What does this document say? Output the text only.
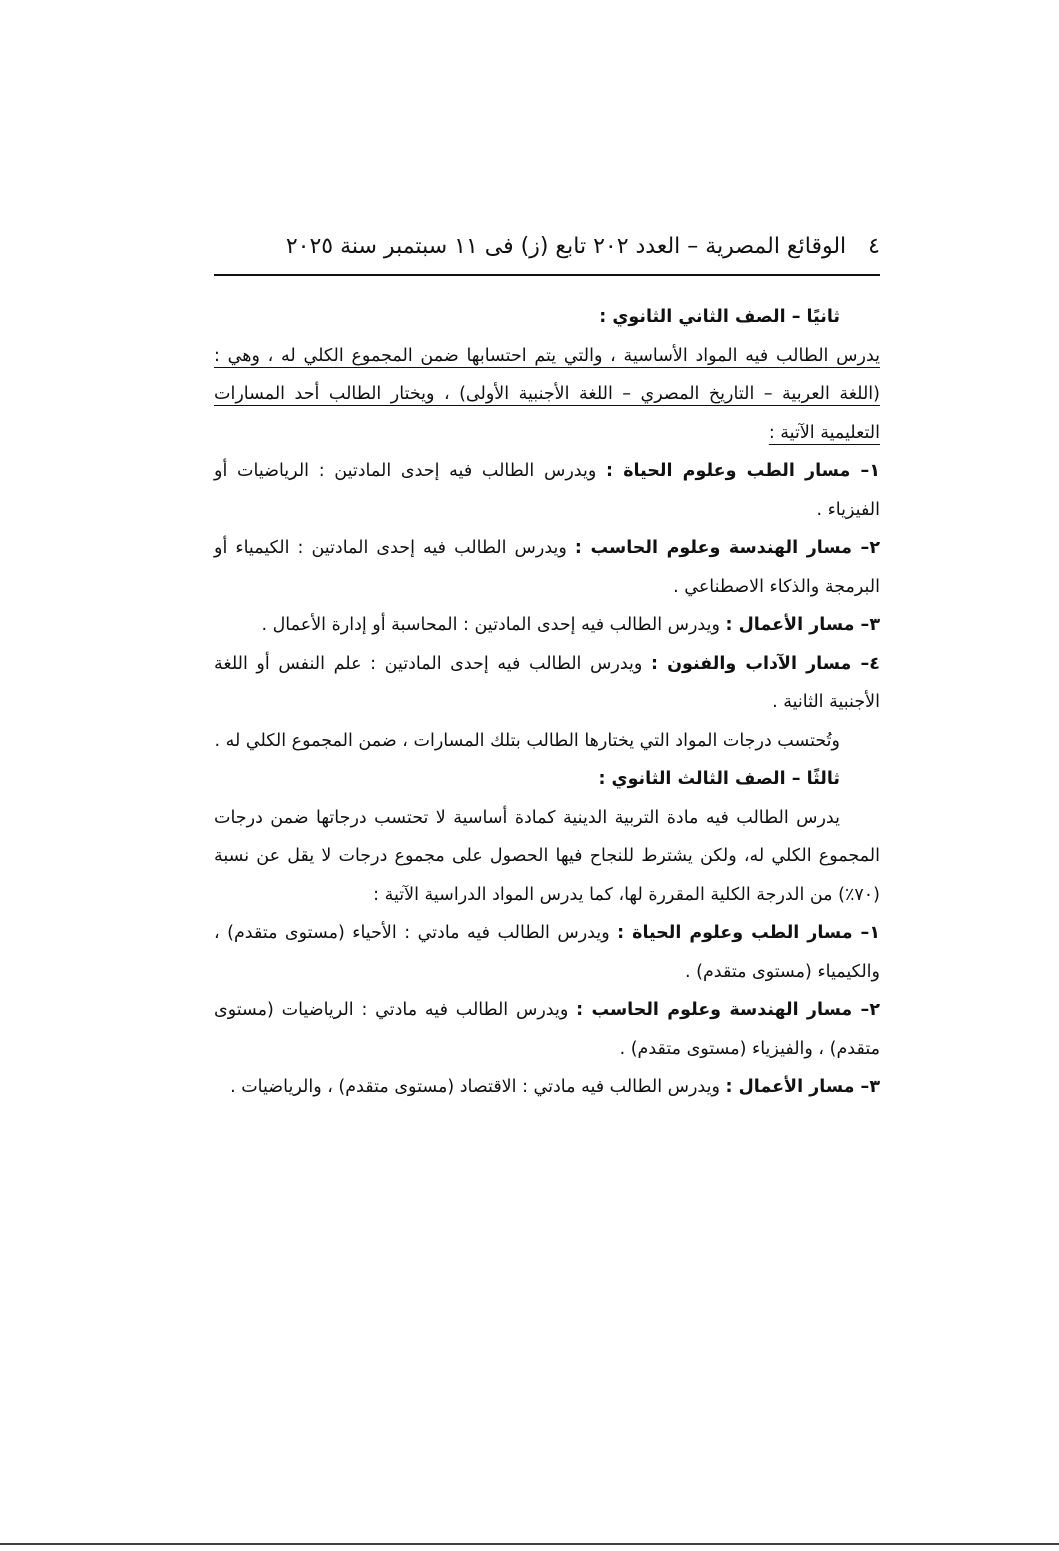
٤
الوقائع المصرية – العدد ٢٠٢ تابع (ز) فى ١١ سبتمبر سنة ٢٠٢٥
ثانيًا – الصف الثاني الثانوي :
يدرس الطالب فيه المواد الأساسية ، والتي يتم احتسابها ضمن المجموع الكلي له ، وهي : (اللغة العربية – التاريخ المصري – اللغة الأجنبية الأولى) ، ويختار الطالب أحد المسارات التعليمية الآتية :
١– مسار الطب وعلوم الحياة : ويدرس الطالب فيه إحدى المادتين : الرياضيات أو الفيزياء .
٢– مسار الهندسة وعلوم الحاسب : ويدرس الطالب فيه إحدى المادتين : الكيمياء أو البرمجة والذكاء الاصطناعي .
٣– مسار الأعمال : ويدرس الطالب فيه إحدى المادتين : المحاسبة أو إدارة الأعمال .
٤– مسار الآداب والفنون : ويدرس الطالب فيه إحدى المادتين : علم النفس أو اللغة الأجنبية الثانية .
وتُحتسب درجات المواد التي يختارها الطالب بتلك المسارات ، ضمن المجموع الكلي له .
ثالثًا – الصف الثالث الثانوي :
يدرس الطالب فيه مادة التربية الدينية كمادة أساسية لا تحتسب درجاتها ضمن درجات المجموع الكلي له، ولكن يشترط للنجاح فيها الحصول على مجموع درجات لا يقل عن نسبة (٧٠٪) من الدرجة الكلية المقررة لها، كما يدرس المواد الدراسية الآتية :
١– مسار الطب وعلوم الحياة : ويدرس الطالب فيه مادتي : الأحياء (مستوى متقدم) ، والكيمياء (مستوى متقدم) .
٢– مسار الهندسة وعلوم الحاسب : ويدرس الطالب فيه مادتي : الرياضيات (مستوى متقدم) ، والفيزياء (مستوى متقدم) .
٣– مسار الأعمال : ويدرس الطالب فيه مادتي : الاقتصاد (مستوى متقدم) ، والرياضيات .
